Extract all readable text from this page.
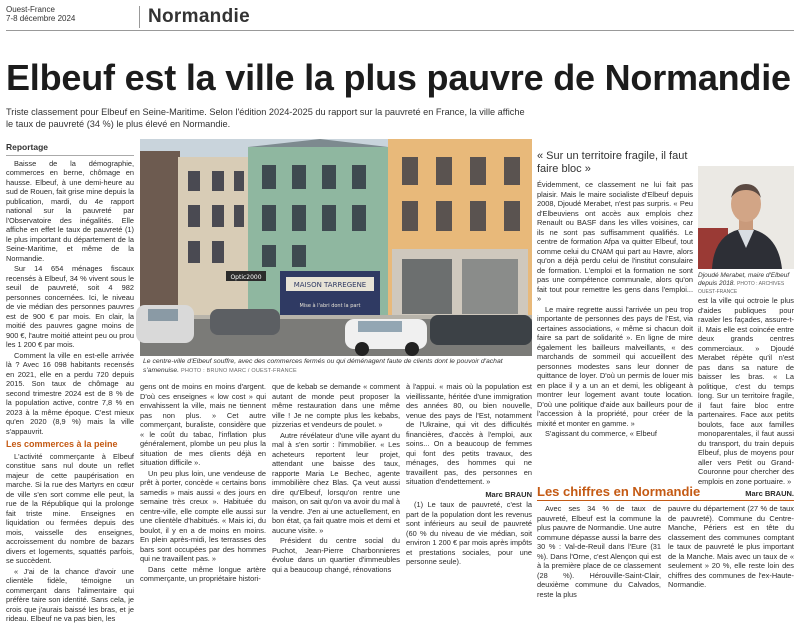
Ouest-France
7-8 décembre 2024	Normandie
Elbeuf est la ville la plus pauvre de Normandie

Triste classement pour Elbeuf en Seine-Maritime. Selon l'édition 2024-2025 du rapport sur la pauvreté en France, la ville affiche le taux de pauvreté (34 %) le plus élevé en Normandie.

Reportage

Baisse de la démographie, commerces en berne, chômage en hausse. Elbeuf, à une demi-heure au sud de Rouen, fait grise mine depuis la publication, mardi, du 4e rapport national sur la pauvreté par l'Observatoire des inégalités. Elle affiche en effet le taux de pauvreté (1) le plus important du département de la Seine-Maritime, et même de la Normandie.

Sur 14 654 ménages fiscaux recensés à Elbeuf, 34 % vivent sous le seuil de pauvreté, soit 4 982 personnes concernées. Ici, le niveau de vie médian des personnes pauvres est de 900 € par mois. En clair, la moitié des pauvres gagne moins de 900 €, l'autre moitié atteint peu ou prou les 1 200 € par mois.

Comment la ville en est-elle arrivée là ? Avec 16 098 habitants recensés en 2021, elle en a perdu 720 depuis 2015. Son taux de chômage au second trimestre 2024 est de 8 % de la population active, contre 7,8 % en 2023 à la même époque. C'est mieux qu'en 2020 (8,9 %) mais la ville s'appauvrit.

Les commerces à la peine

L'activité commerçante à Elbeuf constitue sans nul doute un reflet majeur de cette paupérisation en marche. Si la rue des Martyrs en cœur de ville s'en sort comme elle peut, la rue de la République qui la prolonge fait triste mine. Enseignes en liquidation ou fermées depuis des mois, vaisselle des enseignes, accroissement du nombre de bazars divers et logements, squattés parfois, se succèdent.

« J'ai de la chance d'avoir une clientèle fidèle, témoigne un commerçant dans l'alimentaire qui préfère taire son identité. Sans cela, je crois que j'aurais baissé les bras, et je rideau. Elbeuf ne va pas bien, les

MAISON TARREGENE
Mise à l'abri dont la part
Optic2000
Le centre-ville d'Elbeuf souffre, avec des commerces fermés ou qui déménagent faute de clients dont le pouvoir d'achat s'amenuise. PHOTO : BRUNO MARC / OUEST-FRANCE

gens ont de moins en moins d'argent. D'où ces enseignes « low cost » qui envahissent la ville, mais ne tiennent pas non plus. » Cet autre commerçant, buraliste, considère que « le coût du tabac, l'inflation plus généralement, plombe un peu plus la situation de mes clients déjà en situation difficile ».

Un peu plus loin, une vendeuse de prêt à porter, concède « certains bons samedis » mais aussi « des jours en semaine très creux ». Habituée du centre-ville, elle compte elle aussi sur une clientèle d'habitués. « Mais ici, du boulot, il y en a de moins en moins. En plein après-midi, les terrasses des bars sont occupées par des hommes qui ne travaillent pas. »

Dans cette même longue artère commerçante, un propriétaire histori-

que de kebab se demande « comment autant de monde peut proposer la même restauration dans une même ville ! Je ne compte plus les kebabs, pizzerias et vendeurs de poulet. »

Autre révélateur d'une ville ayant du mal à s'en sortir : l'immobilier. « Les acheteurs reportent leur projet, attendant une baisse des taux, rapporte Maria Le Bechec, agente immobilière chez Blas. Ça veut aussi dire qu'Elbeuf, lorsqu'on rentre une maison, on sait qu'on va avoir du mal à la vendre. J'en ai une actuellement, en bon état, ça fait quatre mois et demi et aucune visite. »

Président du centre social du Puchot, Jean-Pierre Charbonnieres évolue dans un quartier d'immeubles qui a beaucoup changé, rénovations

à l'appui. « mais où la population est vieillissante, héritée d'une immigration des années 80, ou bien nouvelle, venue des pays de l'Est, notamment de l'Ukraine, qui vit des difficultés financières, d'accès à l'emploi, aux soins... On a beaucoup de femmes qui font des petits travaux, des ménages, des hommes qui ne travaillent pas, des personnes en situation d'endettement. »

Marc BRAUN

(1) Le taux de pauvreté, c'est la part de la population dont les revenus sont inférieurs au seuil de pauvreté (60 % du niveau de vie médian, soit environ 1 200 € par mois après impôts et prestations sociales, pour une personne seule).

« Sur un territoire fragile, il faut faire bloc »

Évidemment, ce classement ne lui fait pas plaisir. Mais le maire socialiste d'Elbeuf depuis 2008, Djoudé Merabet, n'est pas surpris. « Peu d'Elbeuviens ont accès aux emplois chez Renault ou BASF dans les villes voisines, car ils ne sont pas suffisamment qualifiés. Le centre de formation Afpa va quitter Elbeuf, tout comme celui du CNAM qui part au Havre, alors qu'on a déjà perdu celui de l'institut consulaire de formation. L'emploi et la formation ne sont pas une compétence communale, alors qu'on fait tout pour remettre les gens dans l'emploi... »

Le maire regrette aussi l'arrivée un peu trop importante de personnes des pays de l'Est, via certaines associations, « même si chacun doit faire sa part de solidarité ». En ligne de mire également les bailleurs malveillants, « des marchands de sommeil qui accueillent des personnes modestes sans leur donner de quittance de loyer. D'où un permis de louer mis en place il y a un an et demi, les obligeant à montrer leur logement avant toute location. D'où une politique d'aide aux bailleurs pour de l'accession à la propriété, pour créer de la mixité et monter en gamme. »

S'agissant du commerce, « Elbeuf

Djoudé Merabet, maire d'Elbeuf depuis 2018. PHOTO : ARCHIVES OUEST-FRANCE

est la ville qui octroie le plus d'aides publiques pour ravaler les façades, assure-t-il. Mais elle est coincée entre deux grands centres commerciaux. » Djoudé Merabet répète qu'il n'est pas dans sa nature de baisser les bras. « La politique, c'est du temps long. Sur un territoire fragile, il faut faire bloc entre partenaires. Face aux petits boulots, face aux familles monoparentales, il faut aussi du transport, du train depuis Elbeuf, plus de moyens pour aller vers Petit ou Grand-Couronne pour chercher des emplois en zone portuaire. »

Marc BRAUN.

Les chiffres en Normandie

Avec ses 34 % de taux de pauvreté, Elbeuf est la commune la plus pauvre de Normandie. Une autre commune dépasse aussi la barre des 30 % : Val-de-Reuil dans l'Eure (31 %). Dans l'Orne, c'est Alençon qui est à la première place de ce classement (28 %). Hérouville-Saint-Clair, deuxième commune du Calvados, reste la plus

pauvre du département (27 % de taux de pauvreté). Commune du Centre-Manche, Périers est en tête du classement des communes comptant le taux de pauvreté le plus important de la Manche. Mais avec un taux de « seulement » 20 %, elle reste loin des chiffres des communes de l'ex-Haute-Normandie.
